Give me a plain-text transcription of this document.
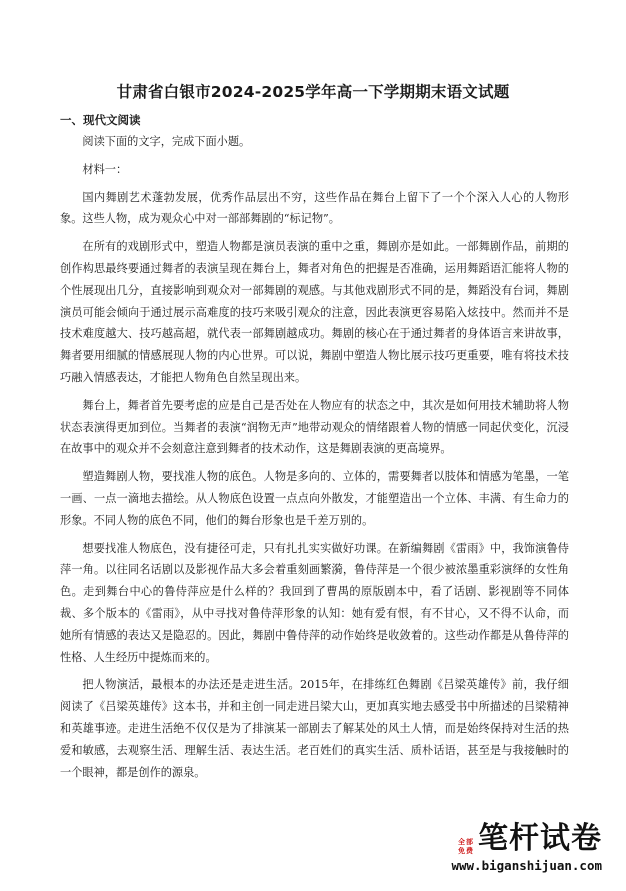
甘肃省白银市2024-2025学年高一下学期期末语文试题
一、现代文阅读

阅读下面的文字，完成下面小题。

材料一：

国内舞剧艺术蓬勃发展，优秀作品层出不穷，这些作品在舞台上留下了一个个深入人心的人物形象。这些人物，成为观众心中对一部部舞剧的“标记物”。

在所有的戏剧形式中，塑造人物都是演员表演的重中之重，舞剧亦是如此。一部舞剧作品，前期的创作构思最终要通过舞者的表演呈现在舞台上，舞者对角色的把握是否准确，运用舞蹈语汇能将人物的个性展现出几分，直接影响到观众对一部舞剧的观感。与其他戏剧形式不同的是，舞蹈没有台词，舞剧演员可能会倾向于通过展示高难度的技巧来吸引观众的注意，因此表演更容易陷入炫技中。然而并不是技术难度越大、技巧越高超，就代表一部舞剧越成功。舞剧的核心在于通过舞者的身体语言来讲故事，舞者要用细腻的情感展现人物的内心世界。可以说，舞剧中塑造人物比展示技巧更重要，唯有将技术技巧融入情感表达，才能把人物角色自然呈现出来。

舞台上，舞者首先要考虑的应是自己是否处在人物应有的状态之中，其次是如何用技术辅助将人物状态表演得更加到位。当舞者的表演“润物无声”地带动观众的情绪跟着人物的情感一同起伏变化，沉浸在故事中的观众并不会刻意注意到舞者的技术动作，这是舞剧表演的更高境界。

塑造舞剧人物，要找准人物的底色。人物是多向的、立体的，需要舞者以肢体和情感为笔墨，一笔一画、一点一滴地去描绘。从人物底色设置一点点向外散发，才能塑造出一个立体、丰满、有生命力的形象。不同人物的底色不同，他们的舞台形象也是千差万别的。

想要找准人物底色，没有捷径可走，只有扎扎实实做好功课。在新编舞剧《雷雨》中，我饰演鲁侍萍一角。以往同名话剧以及影视作品大多会着重刻画繁漪，鲁侍萍是一个很少被浓墨重彩演绎的女性角色。走到舞台中心的鲁侍萍应是什么样的？我回到了曹禺的原版剧本中，看了话剧、影视剧等不同体裁、多个版本的《雷雨》，从中寻找对鲁侍萍形象的认知：她有爱有恨，有不甘心，又不得不认命，而她所有情感的表达又是隐忍的。因此，舞剧中鲁侍萍的动作始终是收敛着的。这些动作都是从鲁侍萍的性格、人生经历中提炼而来的。

把人物演活，最根本的办法还是走进生活。2015年，在排练红色舞剧《吕梁英雄传》前，我仔细阅读了《吕梁英雄传》这本书，并和主创一同走进吕梁大山，更加真实地去感受书中所描述的吕梁精神和英雄事迹。走进生活绝不仅仅是为了排演某一部剧去了解某处的风土人情，而是始终保持对生活的热爱和敏感，去观察生活、理解生活、表达生活。老百姓们的真实生活、质朴话语，甚至是与我接触时的一个眼神，都是创作的源泉。

全部免费 笔杆试卷
www.biganshijuan.com
